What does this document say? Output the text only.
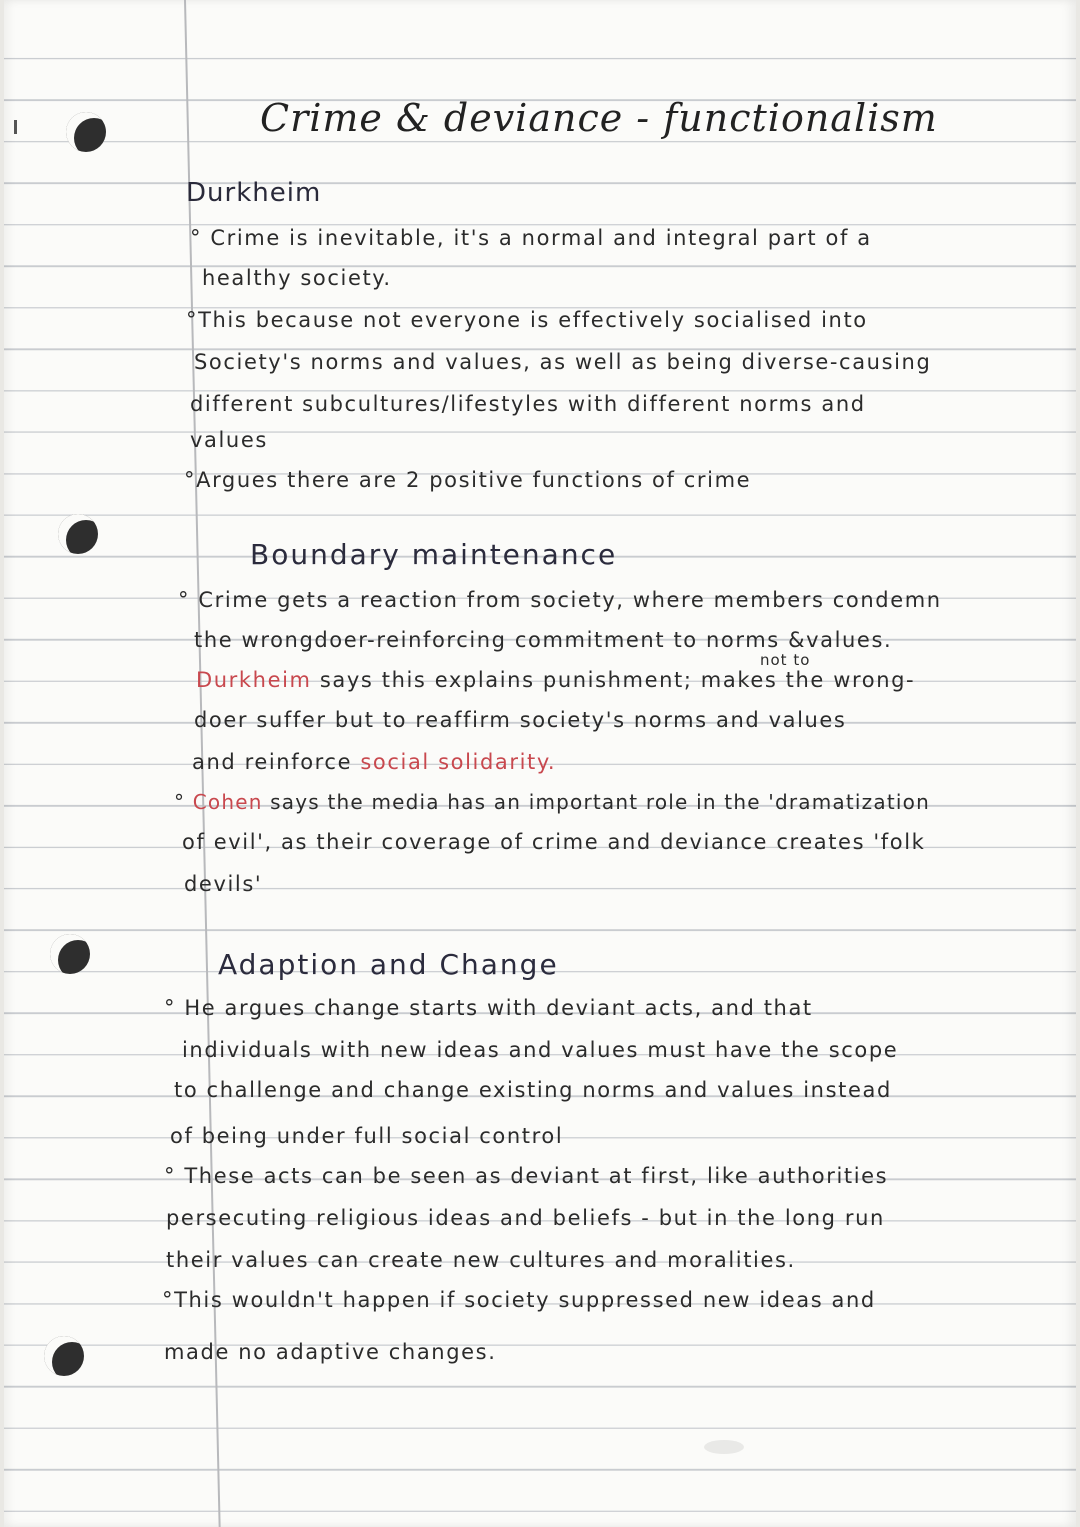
Crime & deviance - functionalism
Durkheim
° Crime is inevitable, it's a normal and integral part of a
healthy society.
°This because not everyone is effectively socialised into
Society's norms and values, as well as being diverse-causing
different subcultures/lifestyles with different norms and
values
°Argues there are 2 positive functions of crime
Boundary maintenance
° Crime gets a reaction from society, where members condemn
the wrongdoer-reinforcing commitment to norms &values.
not to
Durkheim says this explains punishment; makes the wrong-
doer suffer but to reaffirm society's norms and values
and reinforce social solidarity.
° Cohen says the media has an important role in the 'dramatization
of evil', as their coverage of crime and deviance creates 'folk
devils'
Adaption and Change
° He argues change starts with deviant acts, and that
individuals with new ideas and values must have the scope
to challenge and change existing norms and values instead
of being under full social control
° These acts can be seen as deviant at first, like authorities
persecuting religious ideas and beliefs - but in the long run
their values can create new cultures and moralities.
°This wouldn't happen if society suppressed new ideas and
made no adaptive changes.
